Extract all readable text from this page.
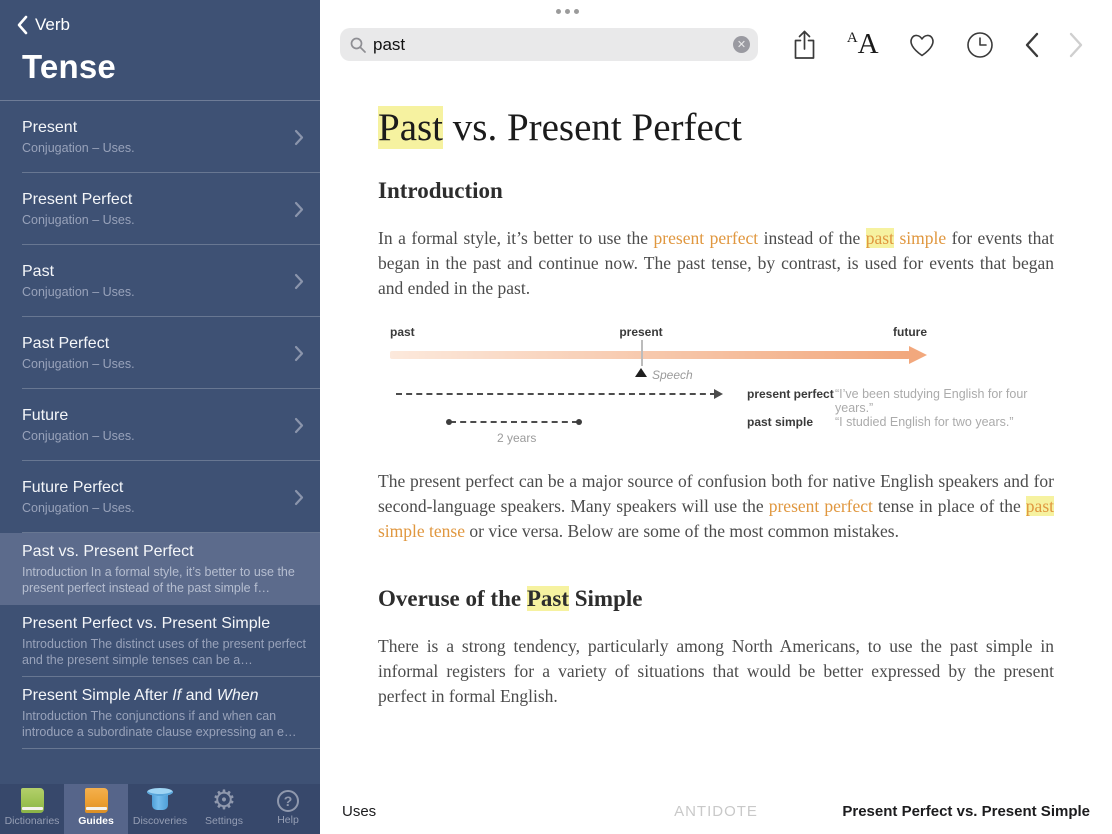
Verb
Tense
Present
Conjugation – Uses.
Present Perfect
Conjugation – Uses.
Past
Conjugation – Uses.
Past Perfect
Conjugation – Uses.
Future
Conjugation – Uses.
Future Perfect
Conjugation – Uses.
Past vs. Present Perfect
Introduction In a formal style, it’s better to use the present perfect instead of the past simple f…
Present Perfect vs. Present Simple
Introduction The distinct uses of the present perfect and the present simple tenses can be a…
Present Simple After If and When
Introduction The conjunctions if and when can introduce a subordinate clause expressing an e…
Dictionaries Guides Discoveries
⚙
Settings
?
Help
past
✕	A A
Past vs. Present Perfect
Introduction

In a formal style, it’s better to use the present perfect instead of the past simple for events that began in the past and continue now. The past tense, by contrast, is used for events that began and ended in the past.

past	present	future
Speech
present perfect “I’ve been studying English for four years.”
past simple “I studied English for two years.”
2 years

The present perfect can be a major source of confusion both for native English speakers and for second-language speakers. Many speakers will use the present perfect tense in place of the past simple tense or vice versa. Below are some of the most common mistakes.

Overuse of the Past Simple

There is a strong tendency, particularly among North Americans, to use the past simple in informal registers for a variety of situations that would be better expressed by the present perfect in formal English.

Uses	ANTIDOTE	Present Perfect vs. Present Simple
